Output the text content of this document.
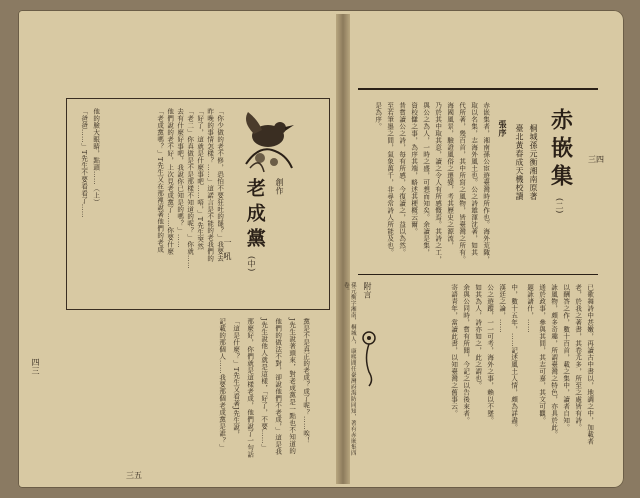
老成黨
(中)
創作
一吼
「爸爸……」T先生不要看看了…… 他的臉大眼睛，點頭……（上）	「你少做的老不修，恐怕不要狂吐的罷？」我要去
昨晚的事情怎樣？……」這諾言是不能的老我們的
「好了，這就是什麼事吧……唔，」T先生突然
「老二」你真做是不是那樣不知道的呢？」你就……
去有什麼好事吧，我說你已知是的嗎？」……
他們說的老不好，上次見老成黨了……你要什麼
「老成黨嗎？」T先生又在那裡說著他們的老成
黨是不是真正的老成？成了呢？……唉！
J先生說著頭來，對老成黨是一點也不知道的
他們的做法不對，卻說他們不老成，」這是我
J先生說他人就是這樣，「好了，不要……」
那麼好，你們就是這樣老成，他們說了一句話
「這是什麼？」T先生又看著J先生說，
記載的那個人……我要那個老成黨是誰？」
三五
四三
赤嵌集
(二)
桐城孫元衡湘南原著
臺北黃春成天機校讀
張序
赤嵌集者，湘南孫公宦遊臺灣時所作也。海外荒陬，
取以名集，志海外風土也。公之詩雄渾沈著，如其
代所著，幾百首，其中所寫之風物，皆臺灣之所有。
海國風景，驗證風俗之遷變，考其歷史之源流，
乃於其中取其意，讀之令人有所感慨焉。其詩之工，
與公之為人，一時之盛，可想而知矣。余讀是集，
資校讎之事，為序其端，略述其梗概云爾。
昔嘗讀公之詩，每有所感，今復讀之，益以為然。
至若筆墨之間，氣象萬千，非尋常詩人所能及也。
是為序。
附言
孫元衡字湘南，桐城人，康熙間任臺灣府海防同知，著有赤嵌集四卷。	已歌舞詩中甚嫩，再讀古中書以，地調之中，加載者
老，於我之著書，其卷尤多，所至之處皆有詩。
以酬答之作，數十百首，載之集中，讀者自知。
詠風物，頗多奇趣，所謂臺灣之特色，亦具於此。
通於政事，參與其間，其志可嘉，其文可觀。
題詠諸什，……
中，數十五年，……記述風土人情，頗為詳盡。
漢廷之論，……
公之遊蹤，一一可考，海外之事，賴以不墜。
如其為人，詩亦如之，此之謂也。
余與公同時，嘗有所聞，今記之以告後來者。
寄語青年，當讀此書，以知臺灣之舊事云。
三四
